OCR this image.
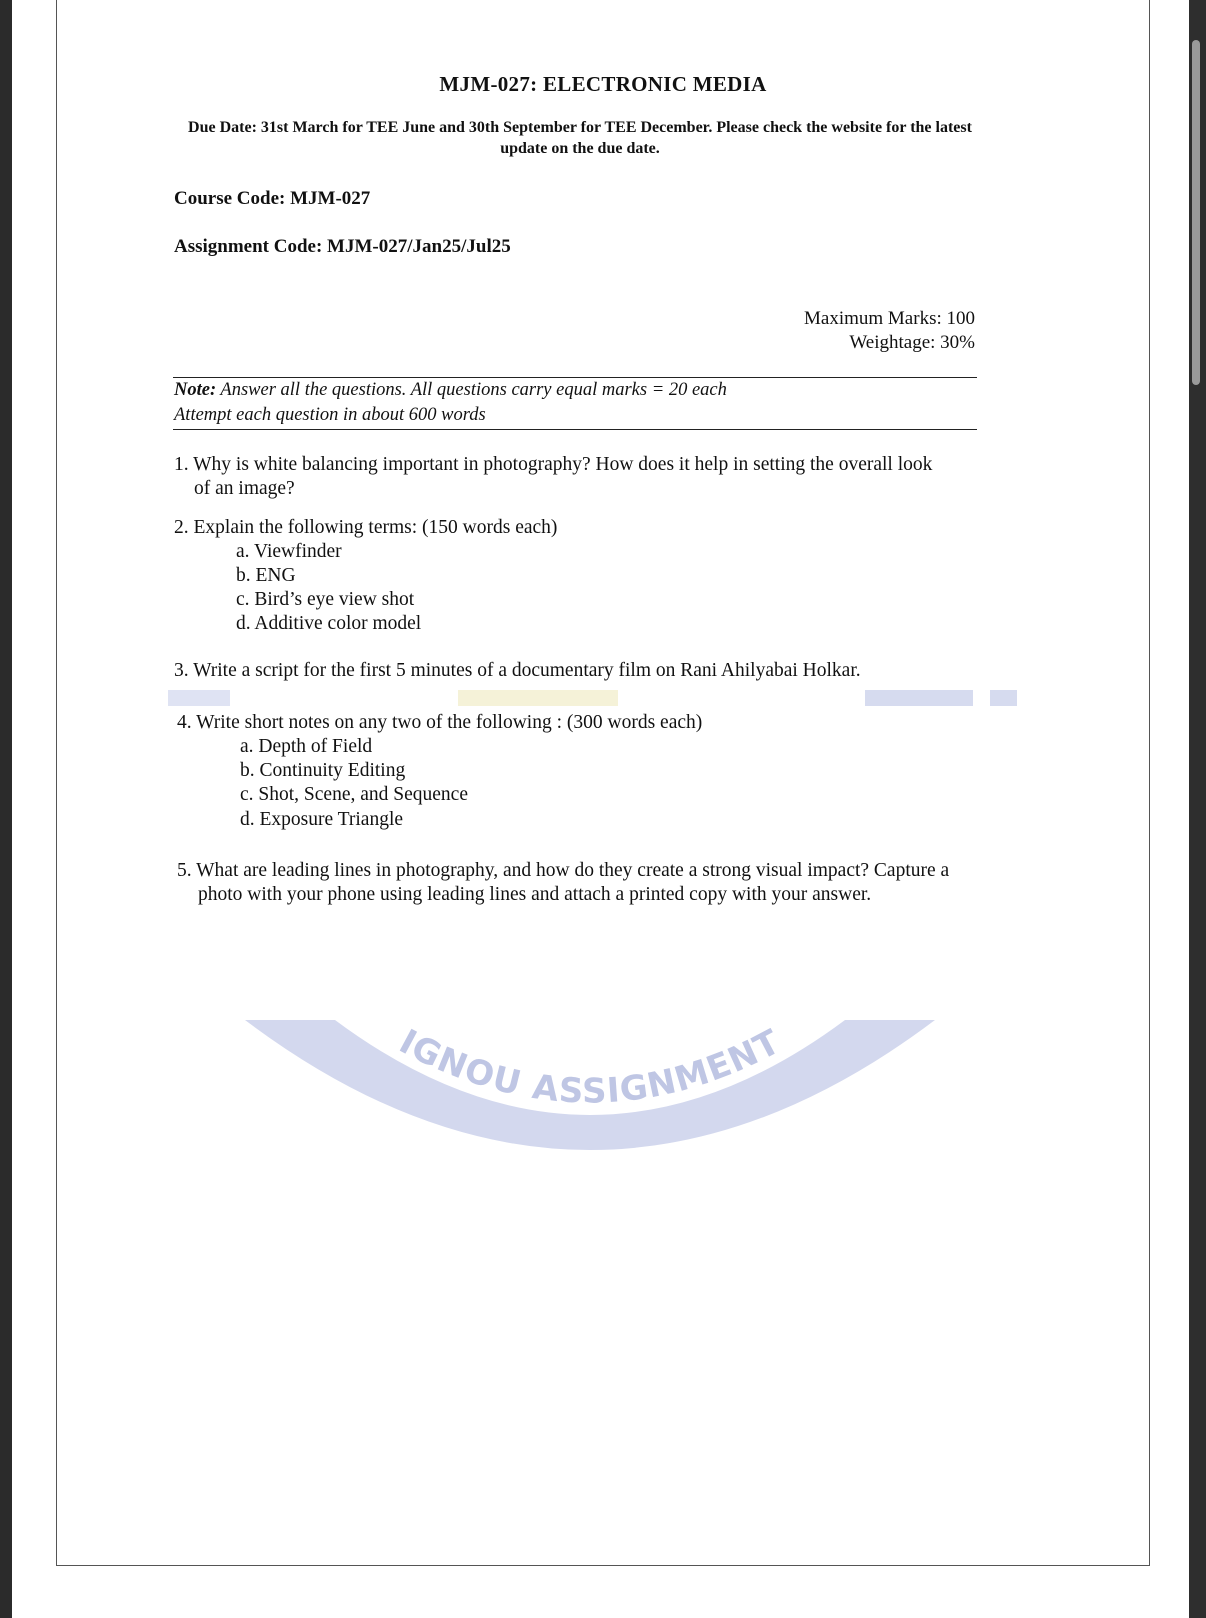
IGNOU ASSIGNMENT
MJM-027: ELECTRONIC MEDIA
Due Date: 31st March for TEE June and 30th September for TEE December. Please check the website for the latest update on the due date.
Course Code: MJM-027
Assignment Code: MJM-027/Jan25/Jul25
Maximum Marks: 100
Weightage: 30%
Note: Answer all the questions. All questions carry equal marks = 20 each
Attempt each question in about 600 words
1. Why is white balancing important in photography? How does it help in setting the overall look
of an image?
2. Explain the following terms: (150 words each)
a. Viewfinder
b. ENG
c. Bird’s eye view shot
d. Additive color model
3. Write a script for the first 5 minutes of a documentary film on Rani Ahilyabai Holkar.
4. Write short notes on any two of the following : (300 words each)
a. Depth of Field
b. Continuity Editing
c. Shot, Scene, and Sequence
d. Exposure Triangle
5. What are leading lines in photography, and how do they create a strong visual impact? Capture a
photo with your phone using leading lines and attach a printed copy with your answer.
